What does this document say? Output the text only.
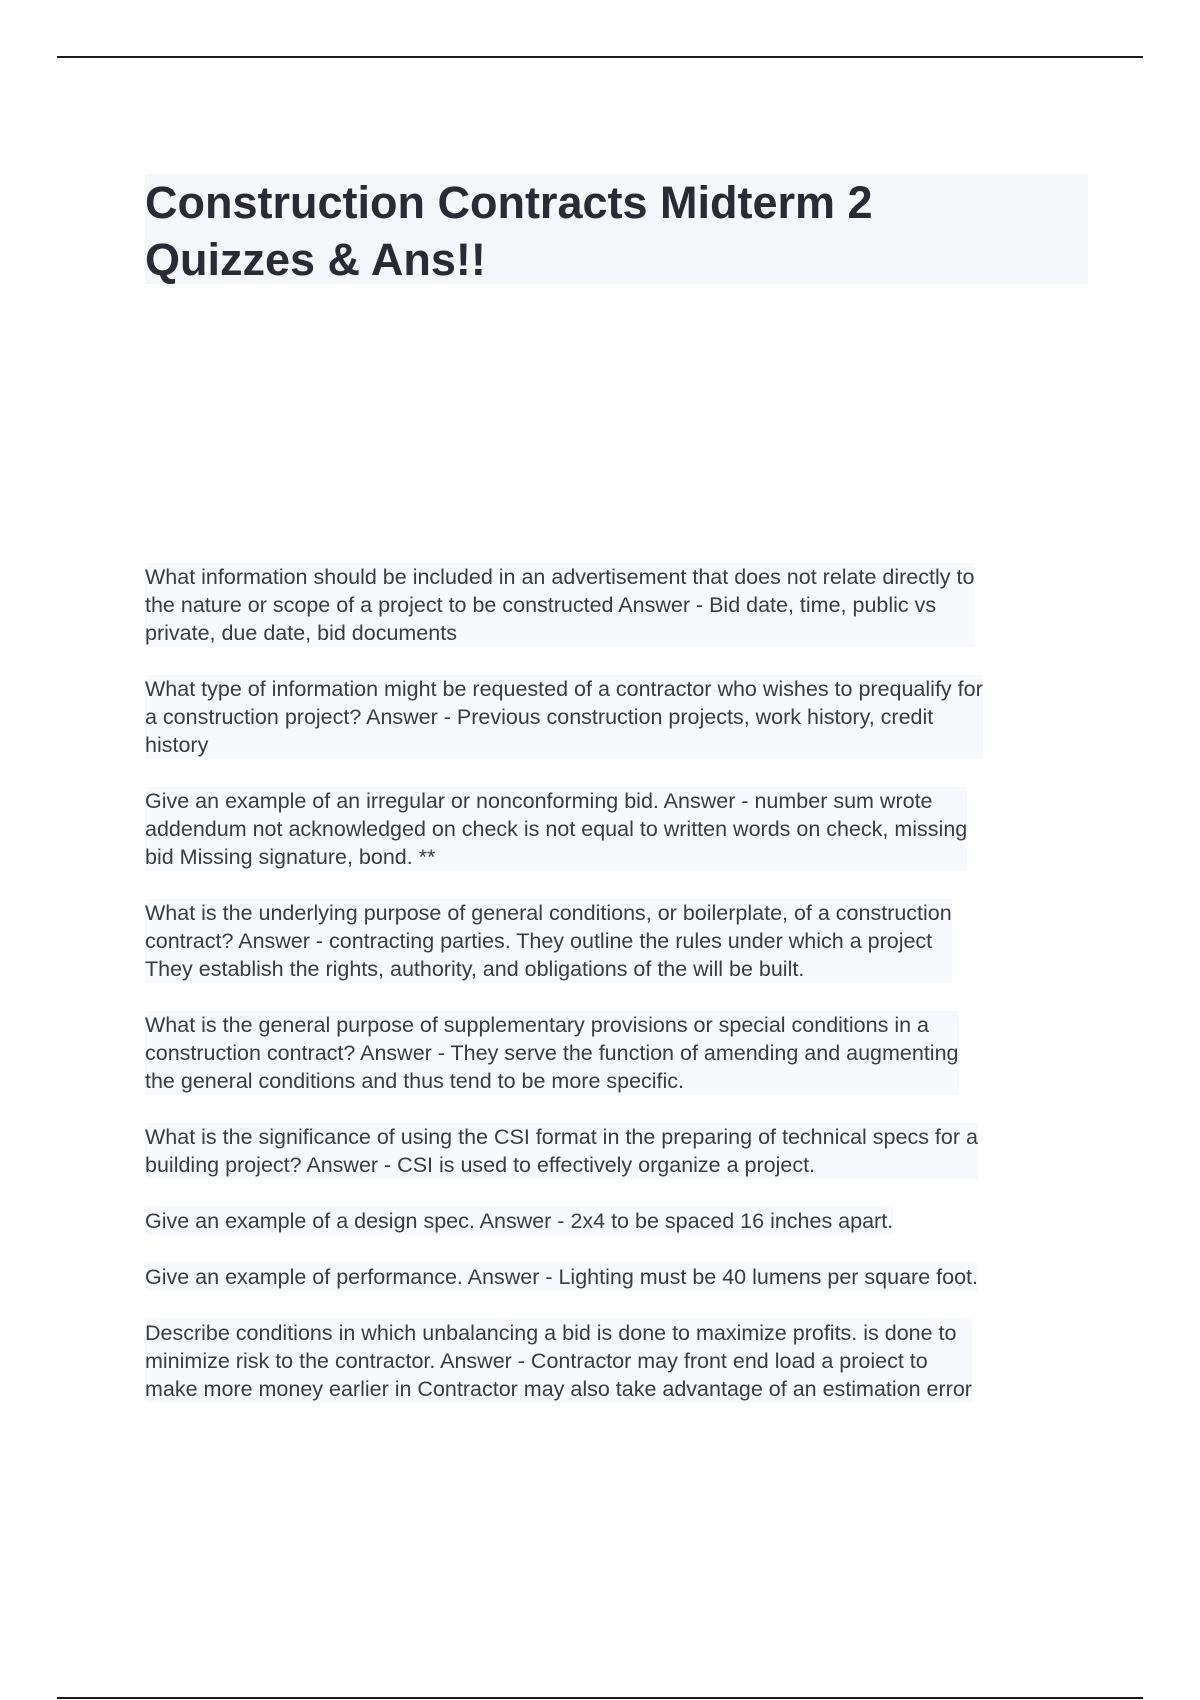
Construction Contracts Midterm 2
Quizzes & Ans!!

What information should be included in an advertisement that does not relate directly to
the nature or scope of a project to be constructed Answer - Bid date, time, public vs
private, due date, bid documents

What type of information might be requested of a contractor who wishes to prequalify for
a construction project? Answer - Previous construction projects, work history, credit
history

Give an example of an irregular or nonconforming bid. Answer - number sum wrote
addendum not acknowledged on check is not equal to written words on check, missing
bid Missing signature, bond. **

What is the underlying purpose of general conditions, or boilerplate, of a construction
contract? Answer - contracting parties. They outline the rules under which a project
They establish the rights, authority, and obligations of the will be built.

What is the general purpose of supplementary provisions or special conditions in a
construction contract? Answer - They serve the function of amending and augmenting
the general conditions and thus tend to be more specific.

What is the significance of using the CSI format in the preparing of technical specs for a
building project? Answer - CSI is used to effectively organize a project.

Give an example of a design spec. Answer - 2x4 to be spaced 16 inches apart.

Give an example of performance. Answer - Lighting must be 40 lumens per square foot.

Describe conditions in which unbalancing a bid is done to maximize profits. is done to
minimize risk to the contractor. Answer - Contractor may front end load a proiect to
make more money earlier in Contractor may also take advantage of an estimation error
